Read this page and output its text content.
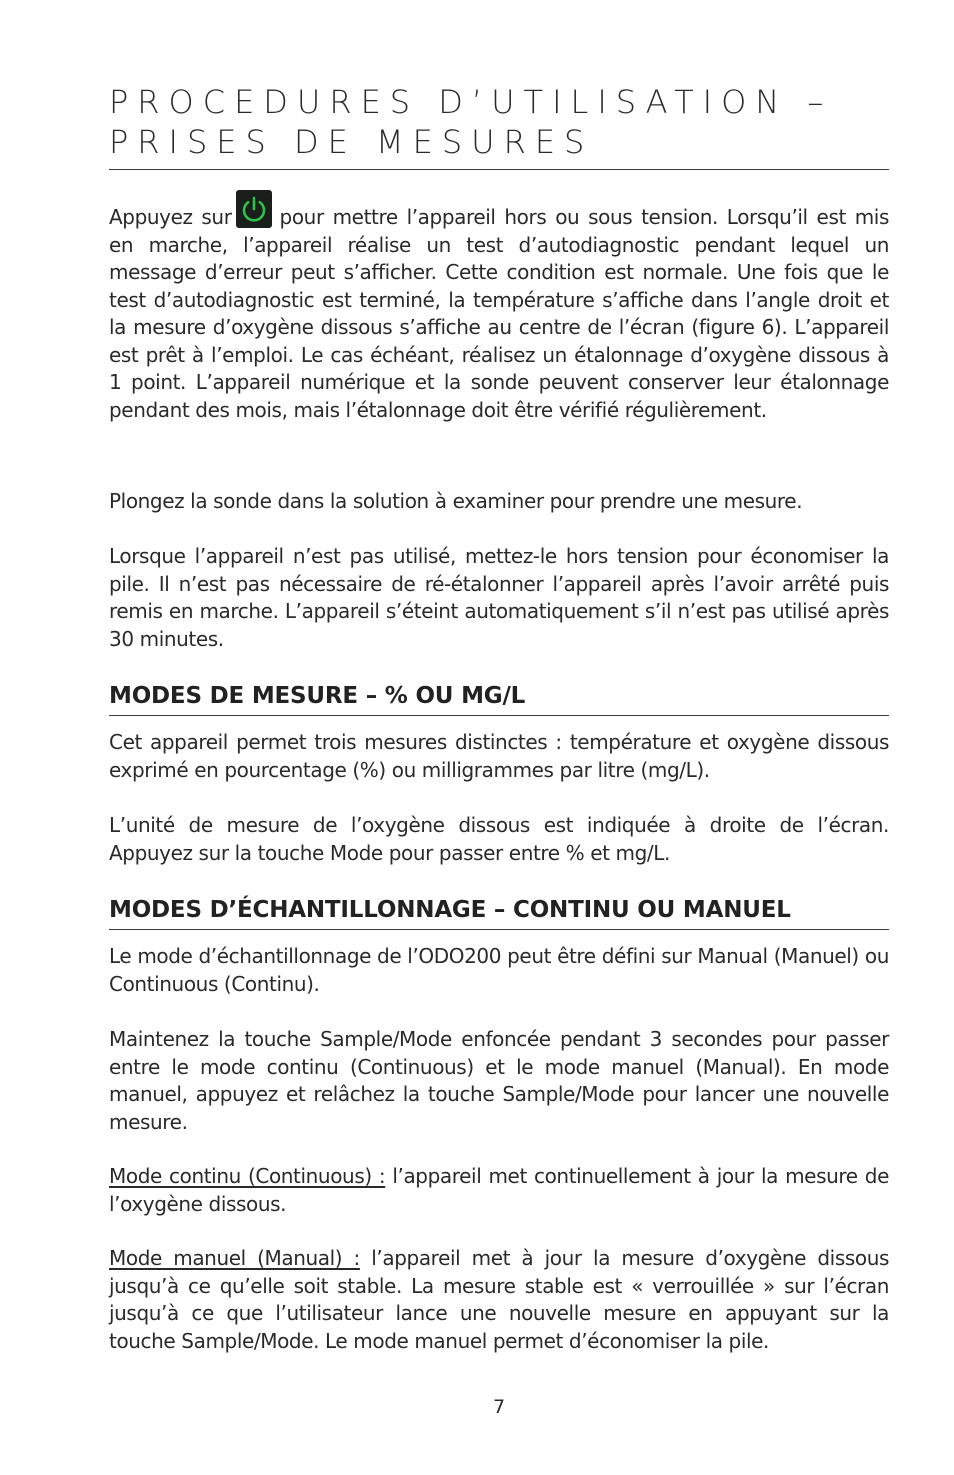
PROCEDURES D’UTILISATION –
PRISES DE MESURES

Appuyez sur pour mettre l’appareil hors ou sous tension. Lorsqu’il est mis en marche, l’appareil réalise un test d’autodiagnostic pendant lequel un message d’erreur peut s’afficher. Cette condition est normale. Une fois que le test d’autodiagnostic est terminé, la température s’affiche dans l’angle droit et la mesure d’oxygène dissous s’affiche au centre de l’écran (figure 6). L’appareil est prêt à l’emploi. Le cas échéant, réalisez un étalonnage d’oxygène dissous à 1 point. L’appareil numérique et la sonde peuvent conserver leur étalonnage pendant des mois, mais l’étalonnage doit être vérifié régulièrement.

Plongez la sonde dans la solution à examiner pour prendre une mesure.

Lorsque l’appareil n’est pas utilisé, mettez-le hors tension pour économiser la pile. Il n’est pas nécessaire de ré-étalonner l’appareil après l’avoir arrêté puis remis en marche. L’appareil s’éteint automatiquement s’il n’est pas utilisé après 30 minutes.

MODES DE MESURE – % OU MG/L

Cet appareil permet trois mesures distinctes : température et oxygène dissous exprimé en pourcentage (%) ou milligrammes par litre (mg/L).

L’unité de mesure de l’oxygène dissous est indiquée à droite de l’écran. Appuyez sur la touche Mode pour passer entre % et mg/L.

MODES D’ÉCHANTILLONNAGE – CONTINU OU MANUEL

Le mode d’échantillonnage de l’ODO200 peut être défini sur Manual (Manuel) ou Continuous (Continu).

Maintenez la touche Sample/Mode enfoncée pendant 3 secondes pour passer entre le mode continu (Continuous) et le mode manuel (Manual). En mode manuel, appuyez et relâchez la touche Sample/Mode pour lancer une nouvelle mesure.

Mode continu (Continuous) : l’appareil met continuellement à jour la mesure de l’oxygène dissous.

Mode manuel (Manual) : l’appareil met à jour la mesure d’oxygène dissous jusqu’à ce qu’elle soit stable. La mesure stable est « verrouillée » sur l’écran jusqu’à ce que l’utilisateur lance une nouvelle mesure en appuyant sur la touche Sample/Mode. Le mode manuel permet d’économiser la pile.

7
